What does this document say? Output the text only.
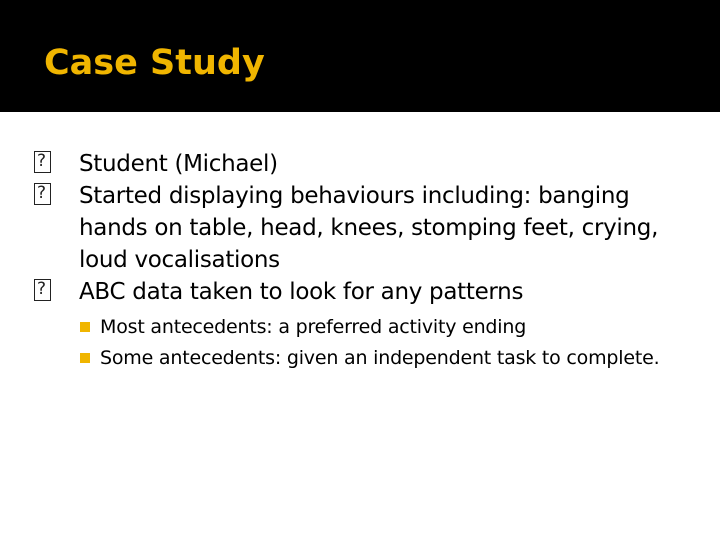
Case Study

?
Student (Michael)

?
Started displaying behaviours including: banging hands on table, head, knees, stomping feet, crying, loud vocalisations

?
ABC data taken to look for any patterns

Most antecedents: a preferred activity ending

Some antecedents: given an independent task to complete.
